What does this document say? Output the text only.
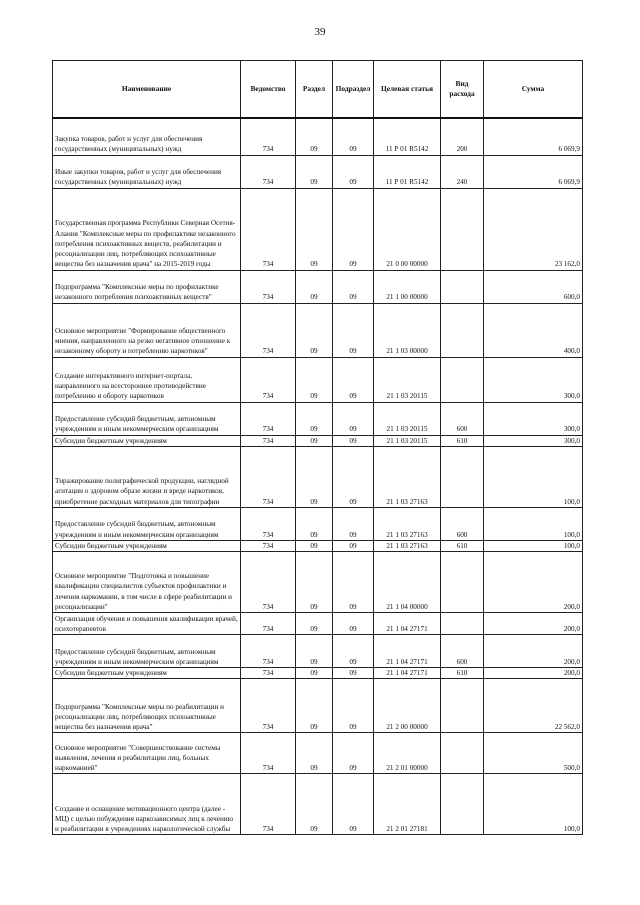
39
Наименование	Ведомство	Раздел	Подраздел	Целевая статья	Вид расхода	Сумма
Закупка товаров, работ и услуг для обеспечения государственных (муниципальных) нужд	734	09	09	11 Р 01 R5142	200	6 069,9
Иные закупки товаров, работ и услуг для обеспечения государственных (муниципальных) нужд	734	09	09	11 Р 01 R5142	240	6 069,9
Государственная программа Республики Северная Осетия-Алания "Комплексные меры по профилактике незаконного потребления психоактивных веществ, реабилитации и ресоциализации лиц, потребляющих психоактивные вещества без назначения врача" на 2015-2019 годы	734	09	09	21 0 00 00000		23 162,0
Подпрограмма "Комплексные меры по профилактике незаконного потребления психоактивных веществ"	734	09	09	21 1 00 00000		600,0
Основное мероприятие "Формирование общественного мнения, направленного на резко негативное отношение к незаконному обороту и потреблению наркотиков"	734	09	09	21 1 03 00000		400,0
Создание интерактивного интернет-портала, направленного на всестороннее противодействие потреблению и обороту наркотиков	734	09	09	21 1 03 20115		300,0
Предоставление субсидий бюджетным, автономным учреждениям и иным некоммерческим организациям	734	09	09	21 1 03 20115	600	300,0
Субсидии бюджетным учреждениям	734	09	09	21 1 03 20115	610	300,0
Тиражирование полиграфической продукции, наглядной агитации о здоровом образе жизни и вреде наркотиков, приобретение расходных материалов для типографии	734	09	09	21 1 03 27163		100,0
Предоставление субсидий бюджетным, автономным учреждениям и иным некоммерческим организациям	734	09	09	21 1 03 27163	600	100,0
Субсидии бюджетным учреждениям	734	09	09	21 1 03 27163	610	100,0
Основное мероприятие "Подготовка и повышение квалификации специалистов субъектов профилактики и лечения наркомании, в том числе в сфере реабилитации и ресоциализации"	734	09	09	21 1 04 00000		200,0
Организация обучения и повышения квалификации врачей, психотерапевтов	734	09	09	21 1 04 27171		200,0
Предоставление субсидий бюджетным, автономным учреждениям и иным некоммерческим организациям	734	09	09	21 1 04 27171	600	200,0
Субсидии бюджетным учреждениям	734	09	09	21 1 04 27171	610	200,0
Подпрограмма "Комплексные меры по реабилитации и ресоциализации лиц, потребляющих психоактивные вещества без назначения врача"	734	09	09	21 2 00 00000		22 562,0
Основное мероприятие "Совершенствование системы выявления, лечения и реабилитации лиц, больных наркоманией"	734	09	09	21 2 01 00000		500,0
Создание и оснащение мотивационного центра (далее - МЦ) с целью побуждения наркозависимых лиц к лечению и реабилитации в учреждениях наркологической службы	734	09	09	21 2 01 27181		100,0
